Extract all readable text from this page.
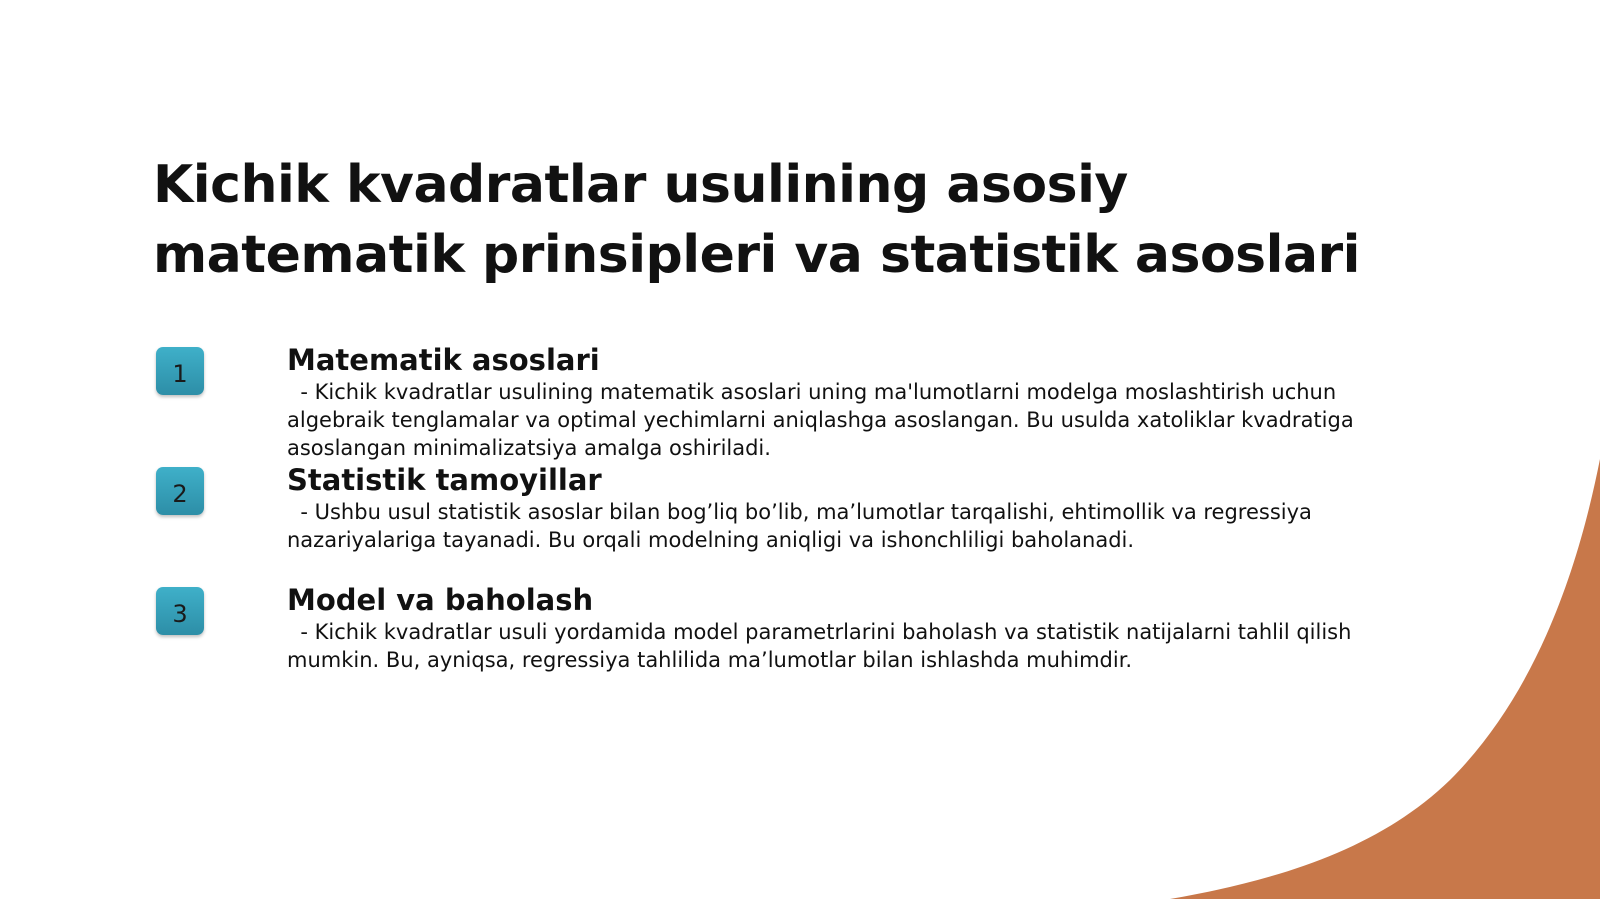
Kichik kvadratlar usulining asosiy matematik prinsipleri va statistik asoslari
1	Matematik asoslari

- Kichik kvadratlar usulining matematik asoslari uning ma'lumotlarni modelga moslashtirish uchun algebraik tenglamalar va optimal yechimlarni aniqlashga asoslangan. Bu usulda xatoliklar kvadratiga asoslangan minimalizatsiya amalga oshiriladi.

2	Statistik tamoyillar

- Ushbu usul statistik asoslar bilan bog’liq bo’lib, ma’lumotlar tarqalishi, ehtimollik va regressiya nazariyalariga tayanadi. Bu orqali modelning aniqligi va ishonchliligi baholanadi.

3	Model va baholash

- Kichik kvadratlar usuli yordamida model parametrlarini baholash va statistik natijalarni tahlil qilish mumkin. Bu, ayniqsa, regressiya tahlilida ma’lumotlar bilan ishlashda muhimdir.
